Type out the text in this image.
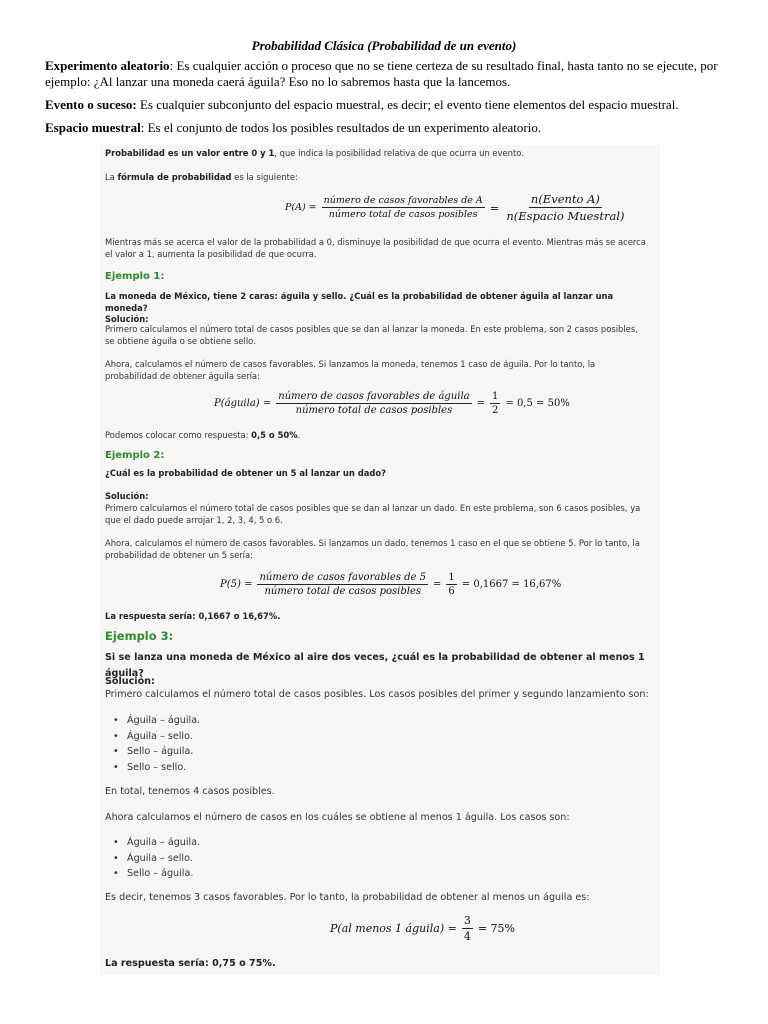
Probabilidad Clásica (Probabilidad de un evento)
Experimento aleatorio: Es cualquier acción o proceso que no se tiene certeza de su resultado final, hasta tanto no se ejecute, por ejemplo: ¿Al lanzar una moneda caerá águila? Eso no lo sabremos hasta que la lancemos.
Evento o suceso: Es cualquier subconjunto del espacio muestral, es decir; el evento tiene elementos del espacio muestral.
Espacio muestral: Es el conjunto de todos los posibles resultados de un experimento aleatorio.
Probabilidad es un valor entre 0 y 1, que indica la posibilidad relativa de que ocurra un evento.
La fórmula de probabilidad es la siguiente:
$P(A) = \frac{\text{número de casos favorables de A}}{\text{número total de casos posibles}} = \frac{\text{n(Evento A)}}{\text{n(Espacio Muestral)}}$
Mientras más se acerca el valor de la probabilidad a 0, disminuye la posibilidad de que ocurra el evento. Mientras más se acerca el valor a 1, aumenta la posibilidad de que ocurra.
Ejemplo 1:
La moneda de México, tiene 2 caras: águila y sello. ¿Cuál es la probabilidad de obtener águila al lanzar una moneda?
Solución:
Primero calculamos el número total de casos posibles que se dan al lanzar la moneda. En este problema, son 2 casos posibles, se obtiene águila o se obtiene sello.
Ahora, calculamos el número de casos favorables. Si lanzamos la moneda, tenemos 1 caso de águila. Por lo tanto, la probabilidad de obtener águila sería:
P(águila) = $\frac{\text{número de casos favorables de águila}}{\text{número total de casos posibles}} = \frac{1}{2} = 0,5 = 50\%$
Podemos colocar como respuesta: 0,5 o 50%.
Ejemplo 2:
¿Cuál es la probabilidad de obtener un 5 al lanzar un dado?
Solución:
Primero calculamos el número total de casos posibles que se dan al lanzar un dado. En este problema, son 6 casos posibles, ya que el dado puede arrojar 1, 2, 3, 4, 5 o 6.
Ahora, calculamos el número de casos favorables. Si lanzamos un dado, tenemos 1 caso en el que se obtiene 5. Por lo tanto, la probabilidad de obtener un 5 sería:
$P(5) = \frac{\text{número de casos favorables de 5}}{\text{número total de casos posibles}} = \frac{1}{6} = 0,1667 = 16,67\%$
La respuesta sería: 0,1667 o 16,67%.
Ejemplo 3:
Si se lanza una moneda de México al aire dos veces, ¿cuál es la probabilidad de obtener al menos 1 águila?
Solución:
Primero calculamos el número total de casos posibles. Los casos posibles del primer y segundo lanzamiento son:
• Águila – águila.
• Águila – sello.
• Sello – águila.
• Sello – sello.
En total, tenemos 4 casos posibles.
Ahora calculamos el número de casos en los cuáles se obtiene al menos 1 águila. Los casos son:
• Águila – águila.
• Águila – sello.
• Sello – águila.
Es decir, tenemos 3 casos favorables. Por lo tanto, la probabilidad de obtener al menos un águila es:
P(al menos 1 águila) = $\frac{3}{4} = 75\%$
La respuesta sería: 0,75 o 75%.
